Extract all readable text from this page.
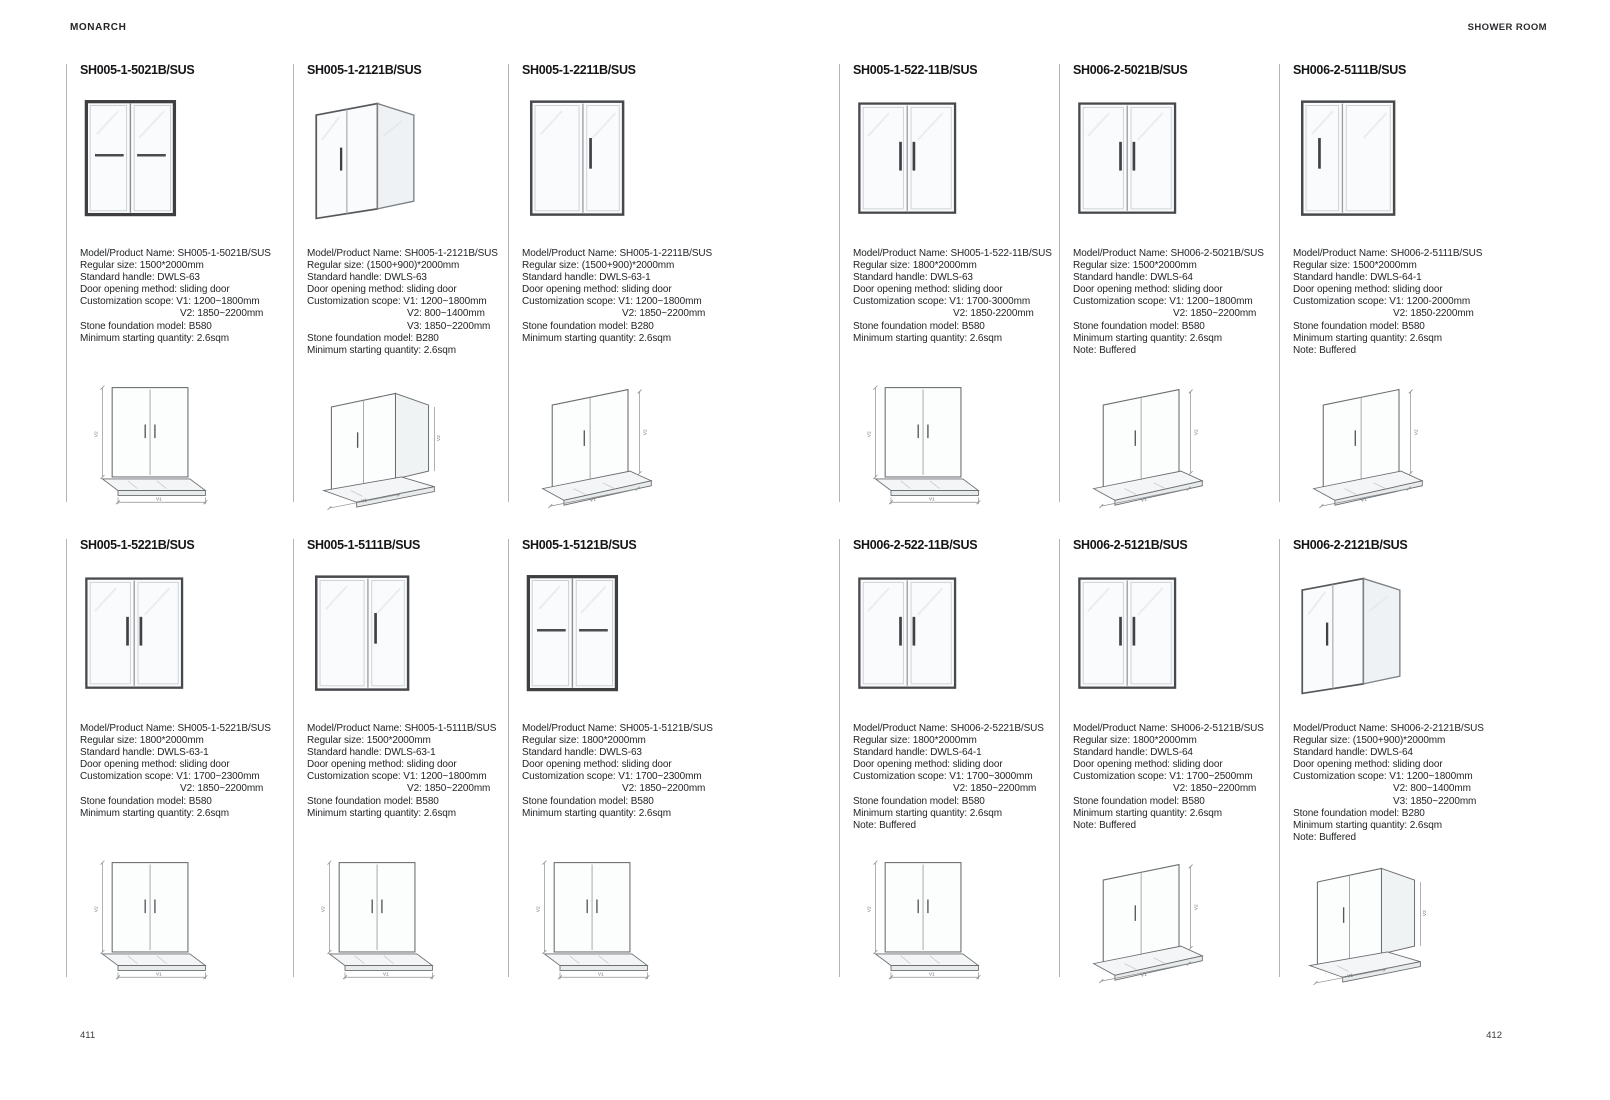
MONARCH	SHOWER ROOM
SH005-1-5021B/SUS
Model/Product Name: SH005-1-5021B/SUS
Regular size: 1500*2000mm
Standard handle: DWLS-63
Door opening method: sliding door
Customization scope: V1: 1200~1800mm
V2: 1850~2200mm
Stone foundation model: B580
Minimum starting quantity: 2.6sqm
SH005-1-2121B/SUS
Model/Product Name: SH005-1-2121B/SUS
Regular size: (1500+900)*2000mm
Standard handle: DWLS-63
Door opening method: sliding door
Customization scope: V1: 1200~1800mm
V2: 800~1400mm
V3: 1850~2200mm
Stone foundation model: B280
Minimum starting quantity: 2.6sqm
SH005-1-2211B/SUS
Model/Product Name: SH005-1-2211B/SUS
Regular size: (1500+900)*2000mm
Standard handle: DWLS-63-1
Door opening method: sliding door
Customization scope: V1: 1200~1800mm
V2: 1850~2200mm
Stone foundation model: B280
Minimum starting quantity: 2.6sqm
SH005-1-522-11B/SUS
Model/Product Name: SH005-1-522-11B/SUS
Regular size: 1800*2000mm
Standard handle: DWLS-63
Door opening method: sliding door
Customization scope: V1: 1700-3000mm
V2: 1850-2200mm
Stone foundation model: B580
Minimum starting quantity: 2.6sqm
SH006-2-5021B/SUS
Model/Product Name: SH006-2-5021B/SUS
Regular size: 1500*2000mm
Standard handle: DWLS-64
Door opening method: sliding door
Customization scope: V1: 1200~1800mm
V2: 1850~2200mm
Stone foundation model: B580
Minimum starting quantity: 2.6sqm
Note: Buffered
SH006-2-5111B/SUS
Model/Product Name: SH006-2-5111B/SUS
Regular size: 1500*2000mm
Standard handle: DWLS-64-1
Door opening method: sliding door
Customization scope: V1: 1200-2000mm
V2: 1850-2200mm
Stone foundation model: B580
Minimum starting quantity: 2.6sqm
Note: Buffered
SH005-1-5221B/SUS
Model/Product Name: SH005-1-5221B/SUS
Regular size: 1800*2000mm
Standard handle: DWLS-63-1
Door opening method: sliding door
Customization scope: V1: 1700~2300mm
V2: 1850~2200mm
Stone foundation model: B580
Minimum starting quantity: 2.6sqm
SH005-1-5111B/SUS
Model/Product Name: SH005-1-5111B/SUS
Regular size: 1500*2000mm
Standard handle: DWLS-63-1
Door opening method: sliding door
Customization scope: V1: 1200~1800mm
V2: 1850~2200mm
Stone foundation model: B580
Minimum starting quantity: 2.6sqm
SH005-1-5121B/SUS
Model/Product Name: SH005-1-5121B/SUS
Regular size: 1800*2000mm
Standard handle: DWLS-63
Door opening method: sliding door
Customization scope: V1: 1700~2300mm
V2: 1850~2200mm
Stone foundation model: B580
Minimum starting quantity: 2.6sqm
SH006-2-522-11B/SUS
Model/Product Name: SH006-2-5221B/SUS
Regular size: 1800*2000mm
Standard handle: DWLS-64-1
Door opening method: sliding door
Customization scope: V1: 1700~3000mm
V2: 1850~2200mm
Stone foundation model: B580
Minimum starting quantity: 2.6sqm
Note: Buffered
SH006-2-5121B/SUS
Model/Product Name: SH006-2-5121B/SUS
Regular size: 1800*2000mm
Standard handle: DWLS-64
Door opening method: sliding door
Customization scope: V1: 1700~2500mm
V2: 1850~2200mm
Stone foundation model: B580
Minimum starting quantity: 2.6sqm
Note: Buffered
SH006-2-2121B/SUS
Model/Product Name: SH006-2-2121B/SUS
Regular size: (1500+900)*2000mm
Standard handle: DWLS-64
Door opening method: sliding door
Customization scope: V1: 1200~1800mm
V2: 800~1400mm
V3: 1850~2200mm
Stone foundation model: B280
Minimum starting quantity: 2.6sqm
Note: Buffered
411	412
